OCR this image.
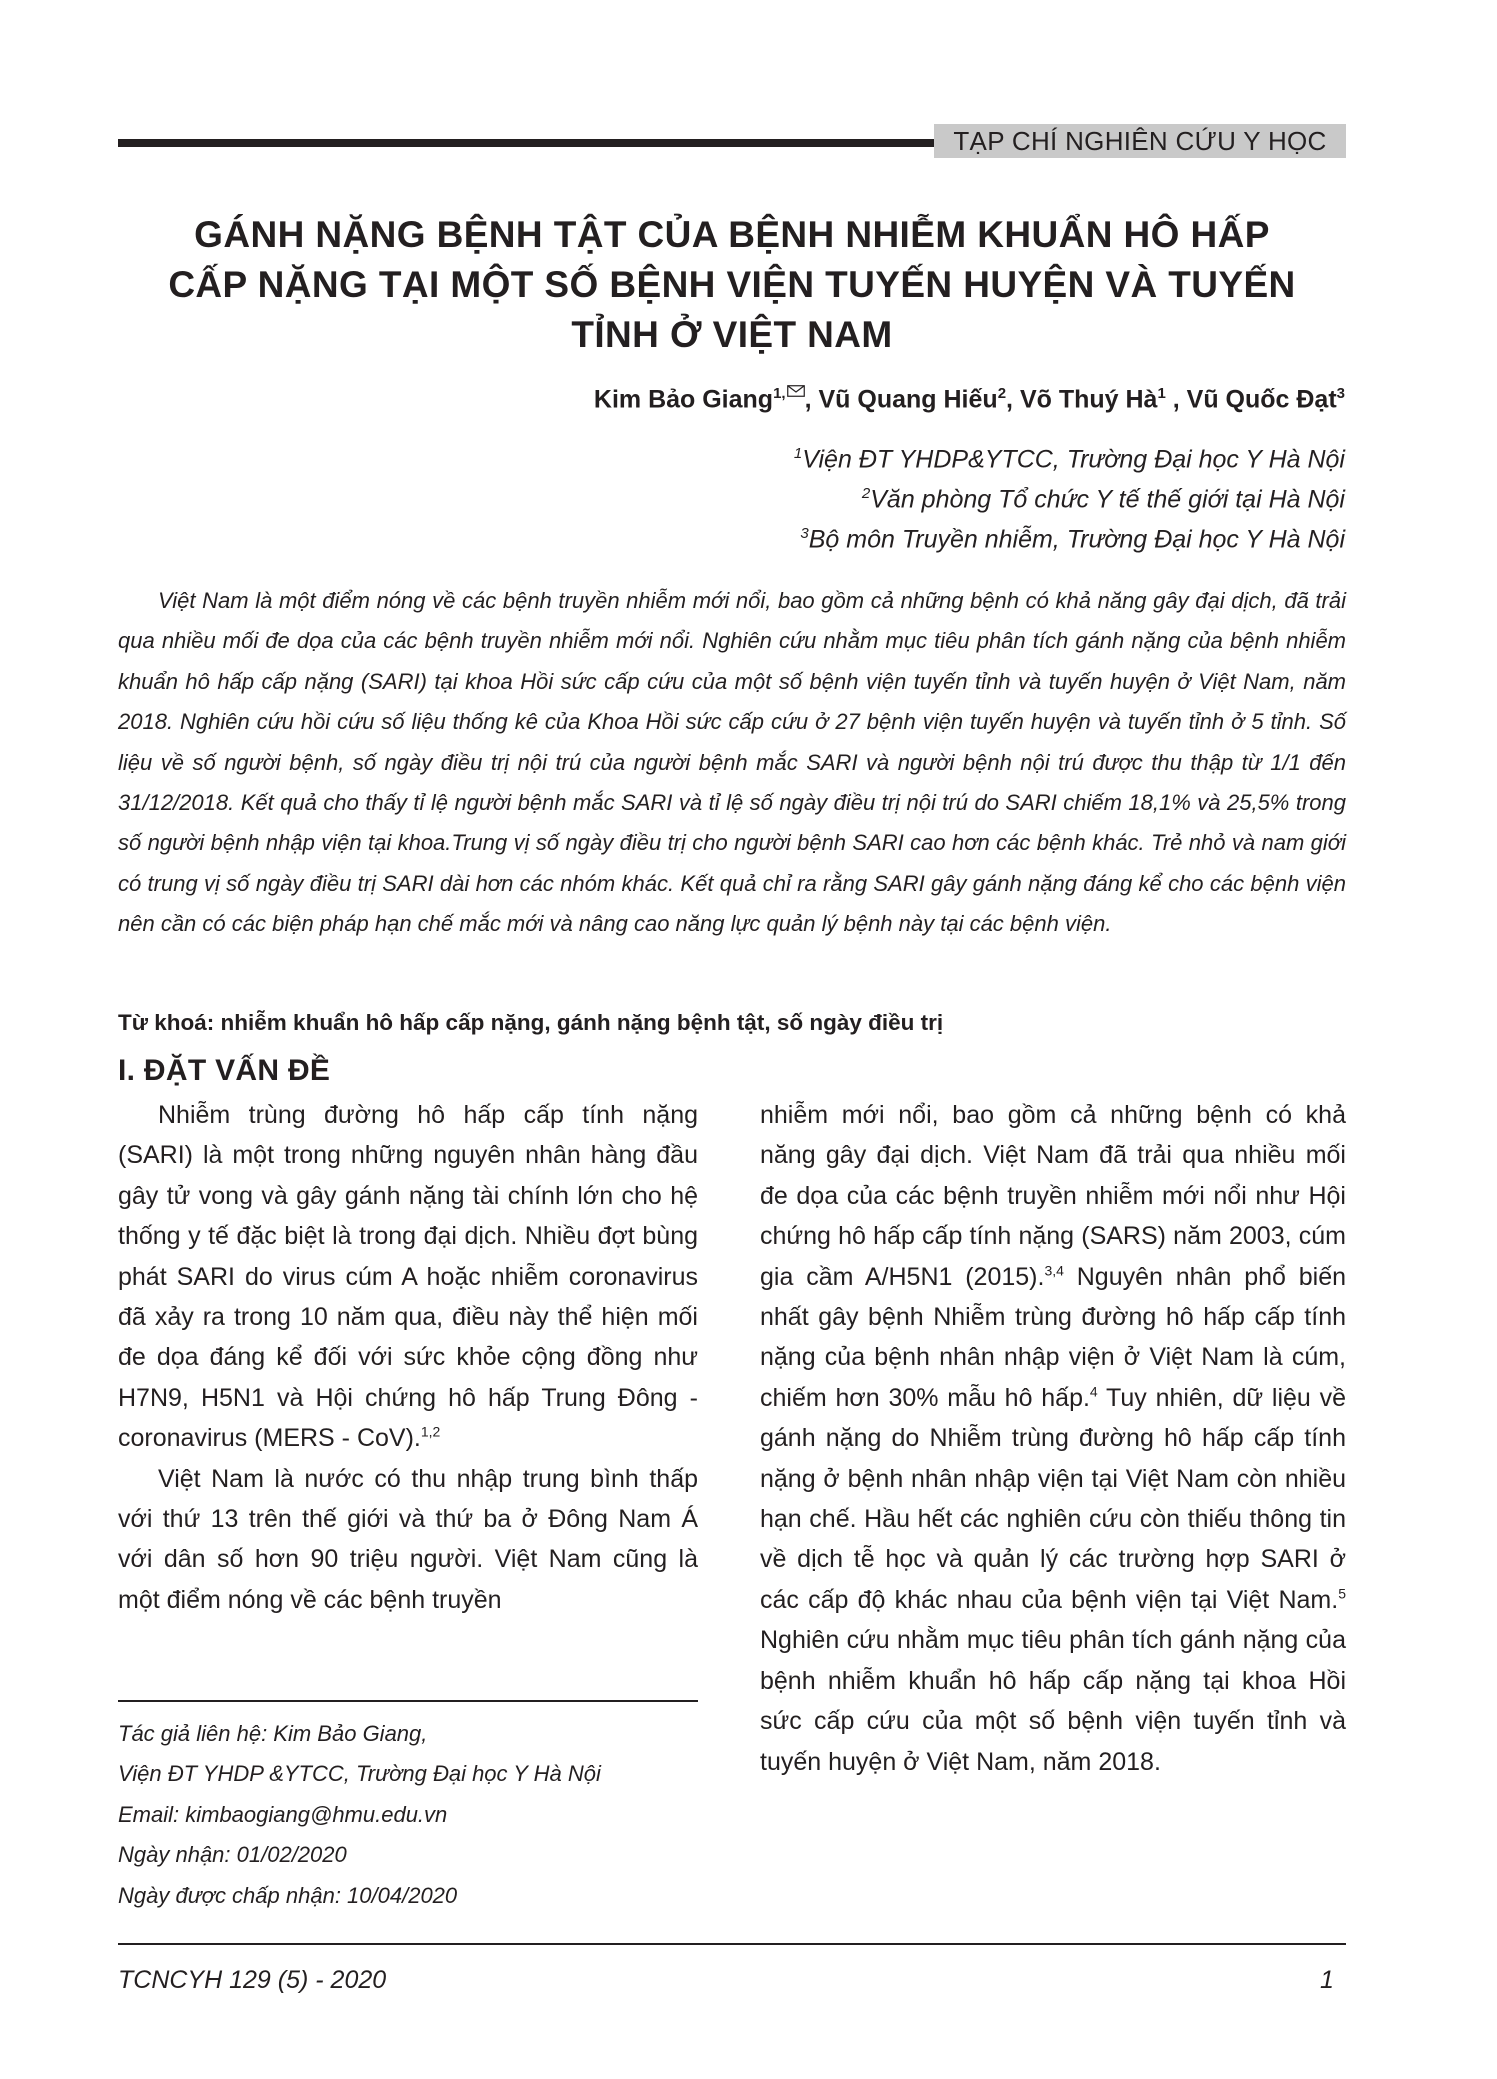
TẠP CHÍ NGHIÊN CỨU Y HỌC
GÁNH NẶNG BỆNH TẬT CỦA BỆNH NHIỄM KHUẨN HÔ HẤP
CẤP NẶNG TẠI MỘT SỐ BỆNH VIỆN TUYẾN HUYỆN VÀ TUYẾN
TỈNH Ở VIỆT NAM
Kim Bảo Giang$^{1,}$ , Vũ Quang Hiếu$^2$, Võ Thuý $Hà^1$ , Vũ Quốc Đạt$^3$
$^1$Viện ĐT YHDP&YTCC, Trường Đại học Y Hà Nội
$^2$Văn phòng Tổ chức Y tế thế giới tại Hà Nội
$^3$Bộ môn Truyền nhiễm, Trường Đại học Y Hà Nội

Việt Nam là một điểm nóng về các bệnh truyền nhiễm mới nổi, bao gồm cả những bệnh có khả năng gây đại dịch, đã trải qua nhiều mối đe dọa của các bệnh truyền nhiễm mới nổi. Nghiên cứu nhằm mục tiêu phân tích gánh nặng của bệnh nhiễm khuẩn hô hấp cấp nặng (SARI) tại khoa Hồi sức cấp cứu của một số bệnh viện tuyến tỉnh và tuyến huyện ở Việt Nam, năm 2018. Nghiên cứu hồi cứu số liệu thống kê của Khoa Hồi sức cấp cứu ở 27 bệnh viện tuyến huyện và tuyến tỉnh ở 5 tỉnh. Số liệu về số người bệnh, số ngày điều trị nội trú của người bệnh mắc SARI và người bệnh nội trú được thu thập từ 1/1 đến 31/12/2018. Kết quả cho thấy tỉ lệ người bệnh mắc SARI và tỉ lệ số ngày điều trị nội trú do SARI chiếm 18,1% và 25,5% trong số người bệnh nhập viện tại khoa.Trung vị số ngày điều trị cho người bệnh SARI cao hơn các bệnh khác. Trẻ nhỏ và nam giới có trung vị số ngày điều trị SARI dài hơn các nhóm khác. Kết quả chỉ ra rằng SARI gây gánh nặng đáng kể cho các bệnh viện nên cần có các biện pháp hạn chế mắc mới và nâng cao năng lực quản lý bệnh này tại các bệnh viện.

Từ khoá: nhiễm khuẩn hô hấp cấp nặng, gánh nặng bệnh tật, số ngày điều trị
I. ĐẶT VẤN ĐỀ

Nhiễm trùng đường hô hấp cấp tính nặng (SARI) là một trong những nguyên nhân hàng đầu gây tử vong và gây gánh nặng tài chính lớn cho hệ thống y tế đặc biệt là trong đại dịch. Nhiều đợt bùng phát SARI do virus cúm A hoặc nhiễm coronavirus đã xảy ra trong 10 năm qua, điều này thể hiện mối đe dọa đáng kể đối với sức khỏe cộng đồng như H7N9, H5N1 và Hội chứng hô hấp Trung Đông - coronavirus (MERS - CoV).$^{1,2}$

Việt Nam là nước có thu nhập trung bình thấp với thứ 13 trên thế giới và thứ ba ở Đông Nam Á với dân số hơn 90 triệu người. Việt Nam cũng là một điểm nóng về các bệnh truyền

nhiễm mới nổi, bao gồm cả những bệnh có khả năng gây đại dịch. Việt Nam đã trải qua nhiều mối đe dọa của các bệnh truyền nhiễm mới nổi như Hội chứng hô hấp cấp tính nặng (SARS) năm 2003, cúm gia cầm A/H5N1 (2015).$^{3,4}$ Nguyên nhân phổ biến nhất gây bệnh Nhiễm trùng đường hô hấp cấp tính nặng của bệnh nhân nhập viện ở Việt Nam là cúm, chiếm hơn 30% mẫu hô hấp.$^4$ Tuy nhiên, dữ liệu về gánh nặng do Nhiễm trùng đường hô hấp cấp tính nặng ở bệnh nhân nhập viện tại Việt Nam còn nhiều hạn chế. Hầu hết các nghiên cứu còn thiếu thông tin về dịch tễ học và quản lý các trường hợp SARI ở các cấp độ khác nhau của bệnh viện tại Việt Nam.$^5$ Nghiên cứu nhằm mục tiêu phân tích gánh nặng của bệnh nhiễm khuẩn hô hấp cấp nặng tại khoa Hồi sức cấp cứu của một số bệnh viện tuyến tỉnh và tuyến huyện ở Việt Nam, năm 2018.

Tác giả liên hệ: Kim Bảo Giang,
Viện ĐT YHDP &YTCC, Trường Đại học Y Hà Nội
Email: kimbaogiang@hmu.edu.vn
Ngày nhận: 01/02/2020
Ngày được chấp nhận: 10/04/2020
TCNCYH 129 (5) - 2020	1
